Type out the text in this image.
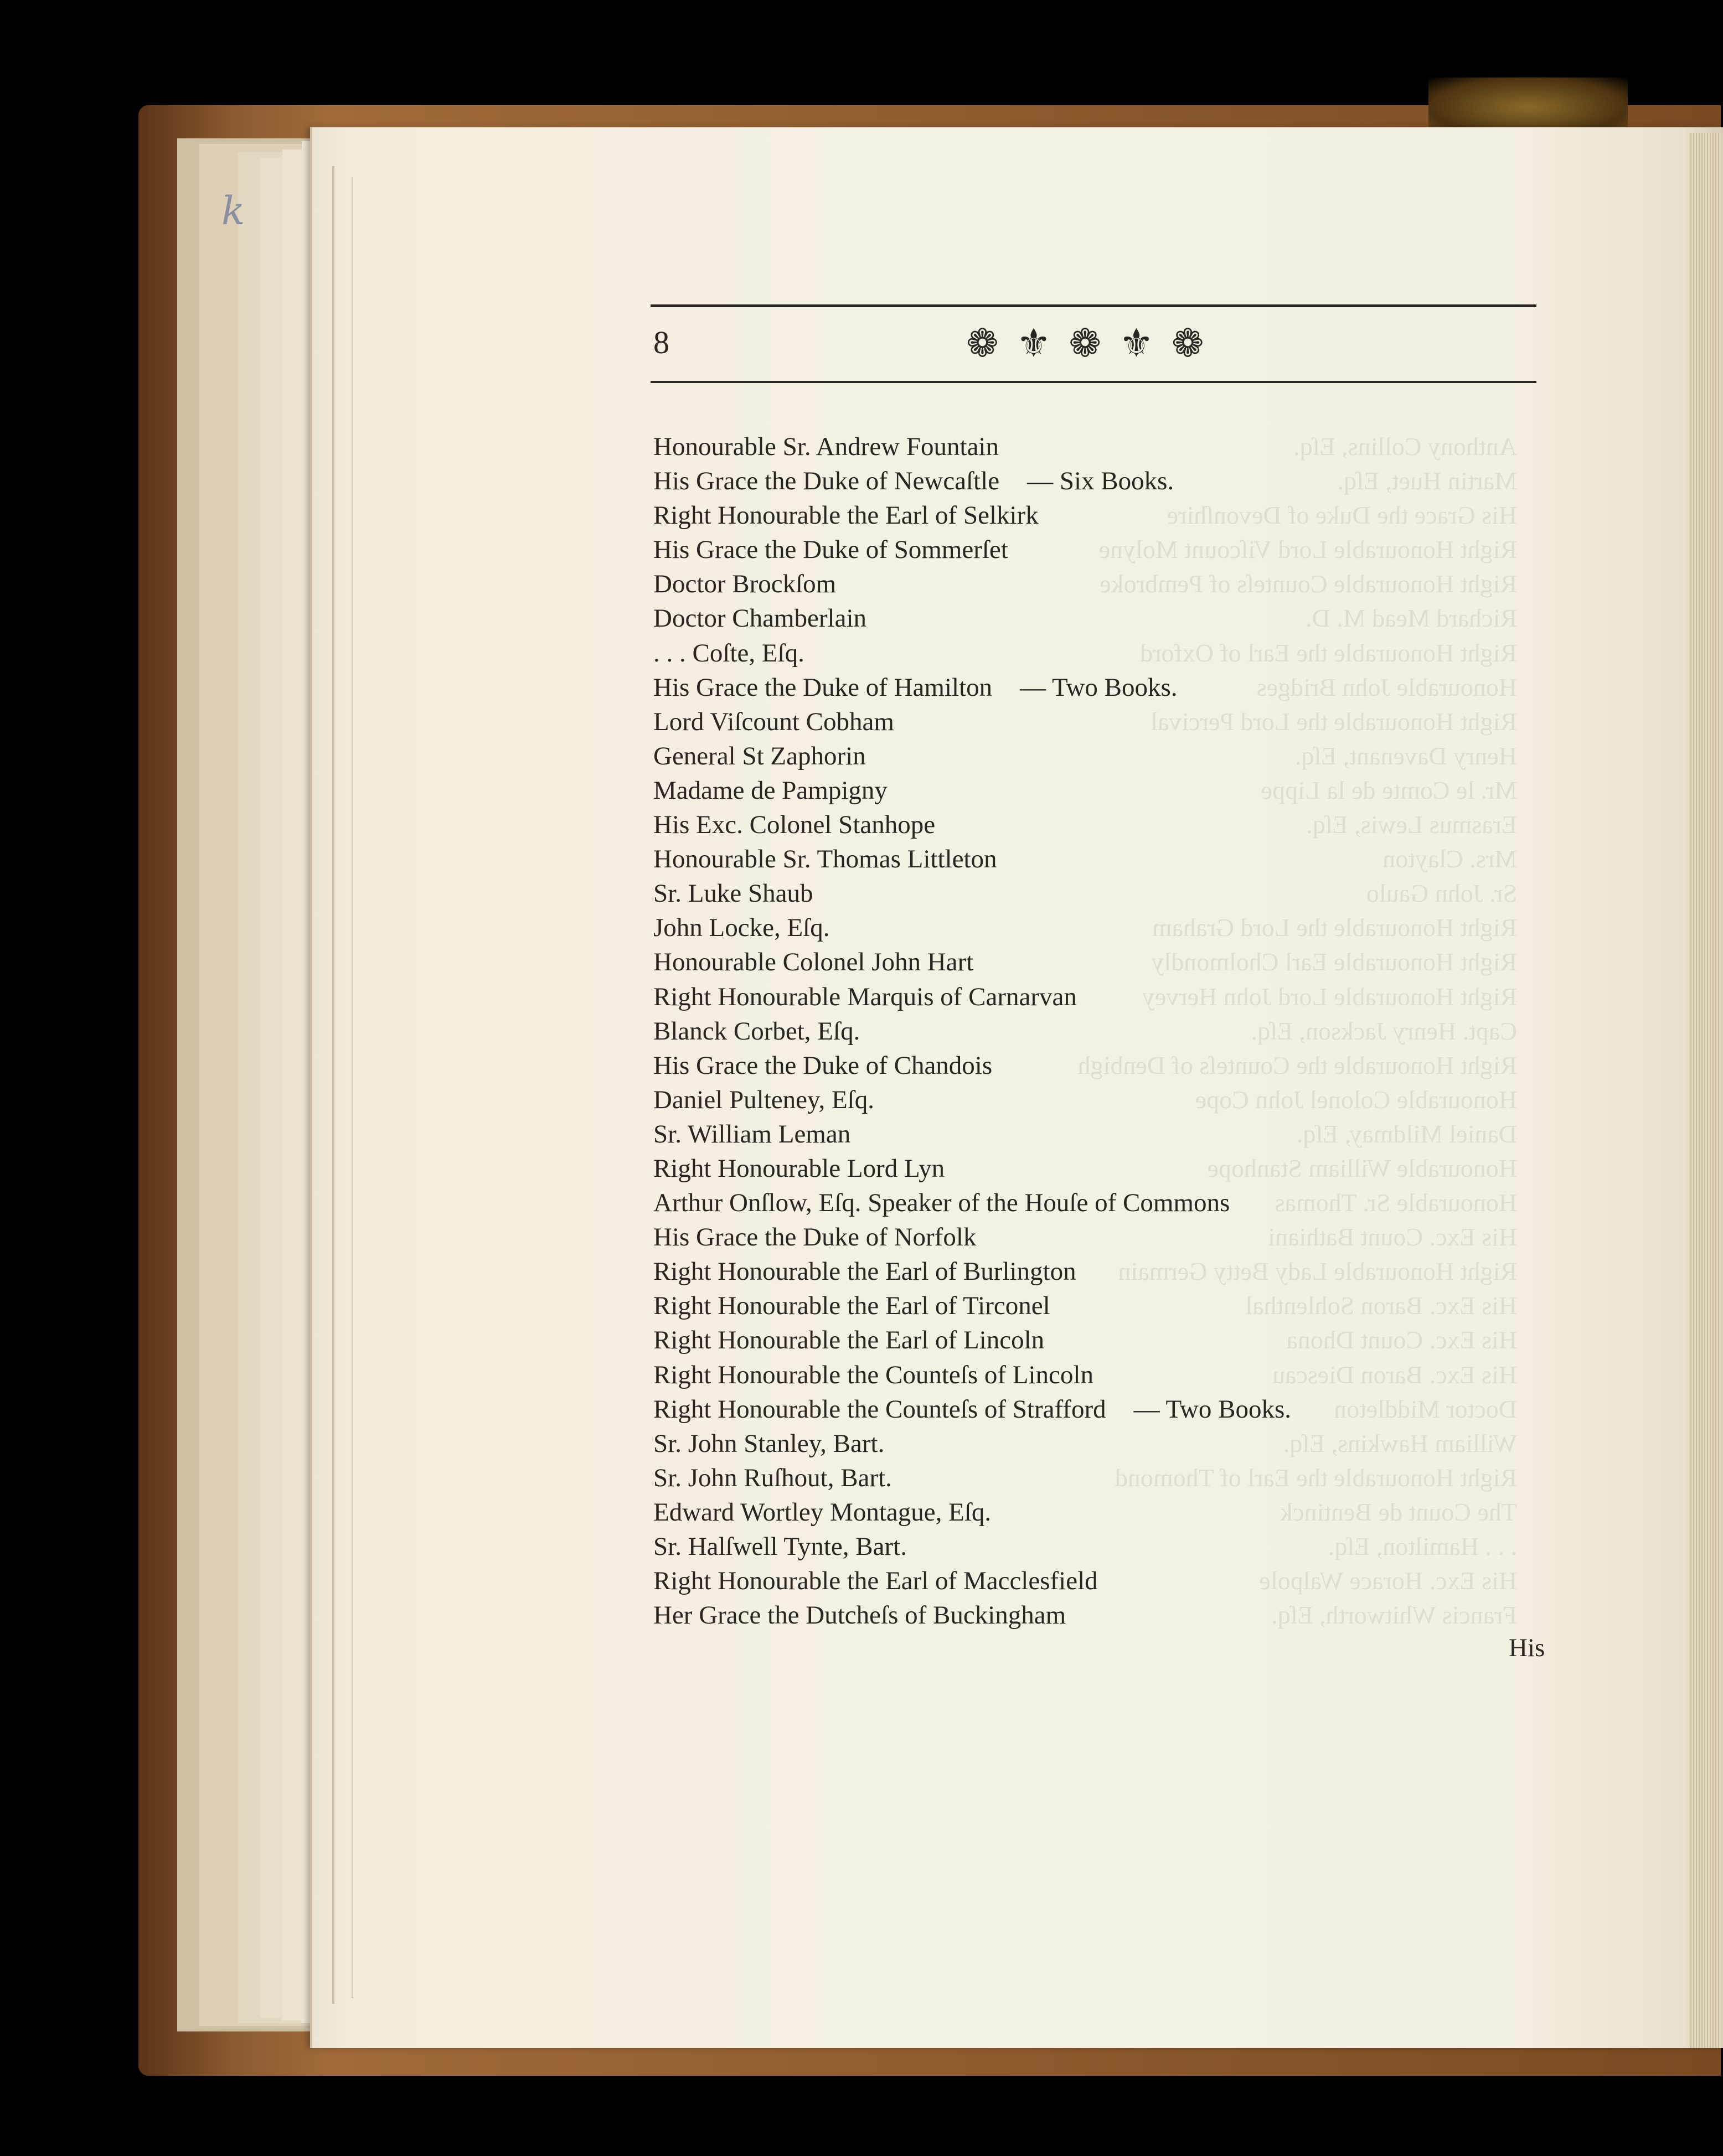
k
Anthony Collins, Eſq.
Martin Huet, Eſq.
His Grace the Duke of Devonſhire
Right Honourable Lord Viſcount Molyne
Right Honourable Counteſs of Pembroke
Richard Mead M. D.
Right Honourable the Earl of Oxford
Honourable John Bridges
Right Honourable the Lord Percival
Henry Davenant, Eſq.
Mr. le Comte de la Lippe
Erasmus Lewis, Eſq.
Mrs. Clayton
Sr. John Gaulo
Right Honourable the Lord Graham
Right Honourable Earl Cholmondly
Right Honourable Lord John Hervey
Capt. Henry Jackson, Eſq.
Right Honourable the Counteſs of Denbigh
Honourable Colonel John Cope
Daniel Mildmay, Eſq.
Honourable William Stanhope
Honourable Sr. Thomas
His Exc. Count Bathiani
Right Honourable Lady Betty Germain
His Exc. Baron Sohlenthal
His Exc. Count Dhona
His Exc. Baron Diescau
Doctor Middleton
William Hawkins, Eſq.
Right Honourable the Earl of Thomond
The Count de Bentinck
. . . Hamilton, Eſq.
His Exc. Horace Walpole
Francis Whitworth, Eſq.
8	❁ ⚜ ❁ ⚜ ❁
Honourable Sr. Andrew Fountain
His Grace the Duke of Newcaſtle — Six Books.
Right Honourable the Earl of Selkirk
His Grace the Duke of Sommerſet
Doctor Brockſom
Doctor Chamberlain
. . . Coſte, Eſq.
His Grace the Duke of Hamilton — Two Books.
Lord Viſcount Cobham
General St Zaphorin
Madame de Pampigny
His Exc. Colonel Stanhope
Honourable Sr. Thomas Littleton
Sr. Luke Shaub
John Locke, Eſq.
Honourable Colonel John Hart
Right Honourable Marquis of Carnarvan
Blanck Corbet, Eſq.
His Grace the Duke of Chandois
Daniel Pulteney, Eſq.
Sr. William Leman
Right Honourable Lord Lyn
Arthur Onſlow, Eſq. Speaker of the Houſe of Commons
His Grace the Duke of Norfolk
Right Honourable the Earl of Burlington
Right Honourable the Earl of Tirconel
Right Honourable the Earl of Lincoln
Right Honourable the Counteſs of Lincoln
Right Honourable the Counteſs of Strafford — Two Books.
Sr. John Stanley, Bart.
Sr. John Ruſhout, Bart.
Edward Wortley Montague, Eſq.
Sr. Halſwell Tynte, Bart.
Right Honourable the Earl of Macclesfield
Her Grace the Dutcheſs of Buckingham
His
